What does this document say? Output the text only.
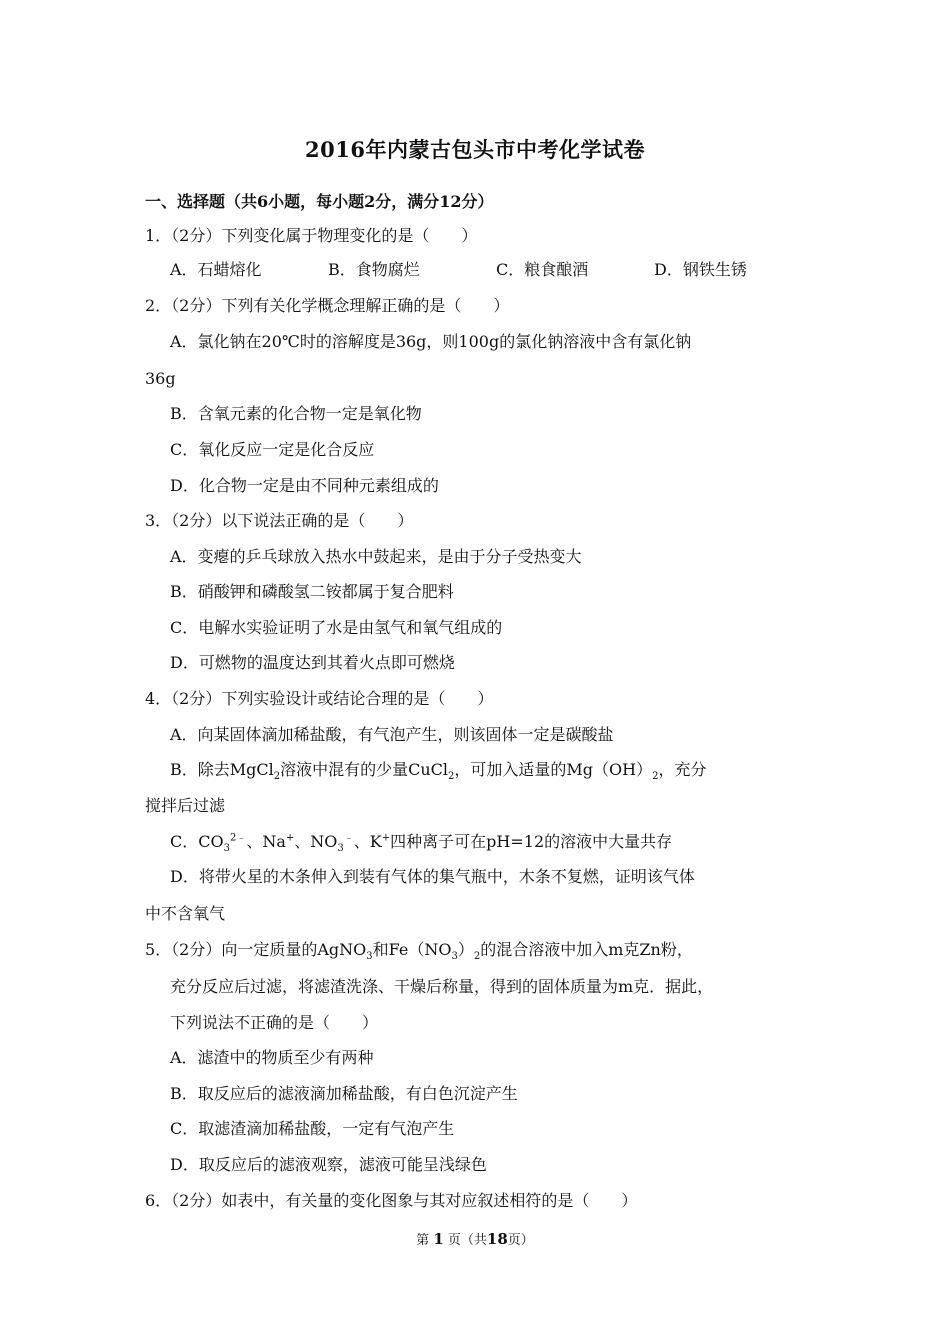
2016年内蒙古包头市中考化学试卷
一、选择题（共6小题，每小题2分，满分12分）
1．（2分）下列变化属于物理变化的是（　　）
A．石蜡熔化	B．食物腐烂	C．粮食酿酒	D．钢铁生锈
2．（2分）下列有关化学概念理解正确的是（　　）
A．氯化钠在20℃时的溶解度是36g，则100g的氯化钠溶液中含有氯化钠
36g
B．含氧元素的化合物一定是氧化物
C．氧化反应一定是化合反应
D．化合物一定是由不同种元素组成的
3．（2分）以下说法正确的是（　　）
A．变瘪的乒乓球放入热水中鼓起来，是由于分子受热变大
B．硝酸钾和磷酸氢二铵都属于复合肥料
C．电解水实验证明了水是由氢气和氧气组成的
D．可燃物的温度达到其着火点即可燃烧
4．（2分）下列实验设计或结论合理的是（　　）
A．向某固体滴加稀盐酸，有气泡产生，则该固体一定是碳酸盐
B．除去MgCl$_2$溶液中混有的少量CuCl$_2$，可加入适量的$Mg(OH)_2$，充分
搅拌后过滤
C．$CO_3^{2﹣}$、Na+、$NO_3^﹣$、K+四种离子可在pH=12的溶液中大量共存
D．将带火星的木条伸入到装有气体的集气瓶中，木条不复燃，证明该气体
中不含氧气
5．（2分）向一定质量的AgNO$_3$和$Fe(NO_3)_2$的混合溶液中加入m克Zn粉，
充分反应后过滤，将滤渣洗涤、干燥后称量，得到的固体质量为m克．据此，
下列说法不正确的是（　　）
A．滤渣中的物质至少有两种
B．取反应后的滤液滴加稀盐酸，有白色沉淀产生
C．取滤渣滴加稀盐酸，一定有气泡产生
D．取反应后的滤液观察，滤液可能呈浅绿色
6．（2分）如表中，有关量的变化图象与其对应叙述相符的是（　　）
第 1 页（共18页）
